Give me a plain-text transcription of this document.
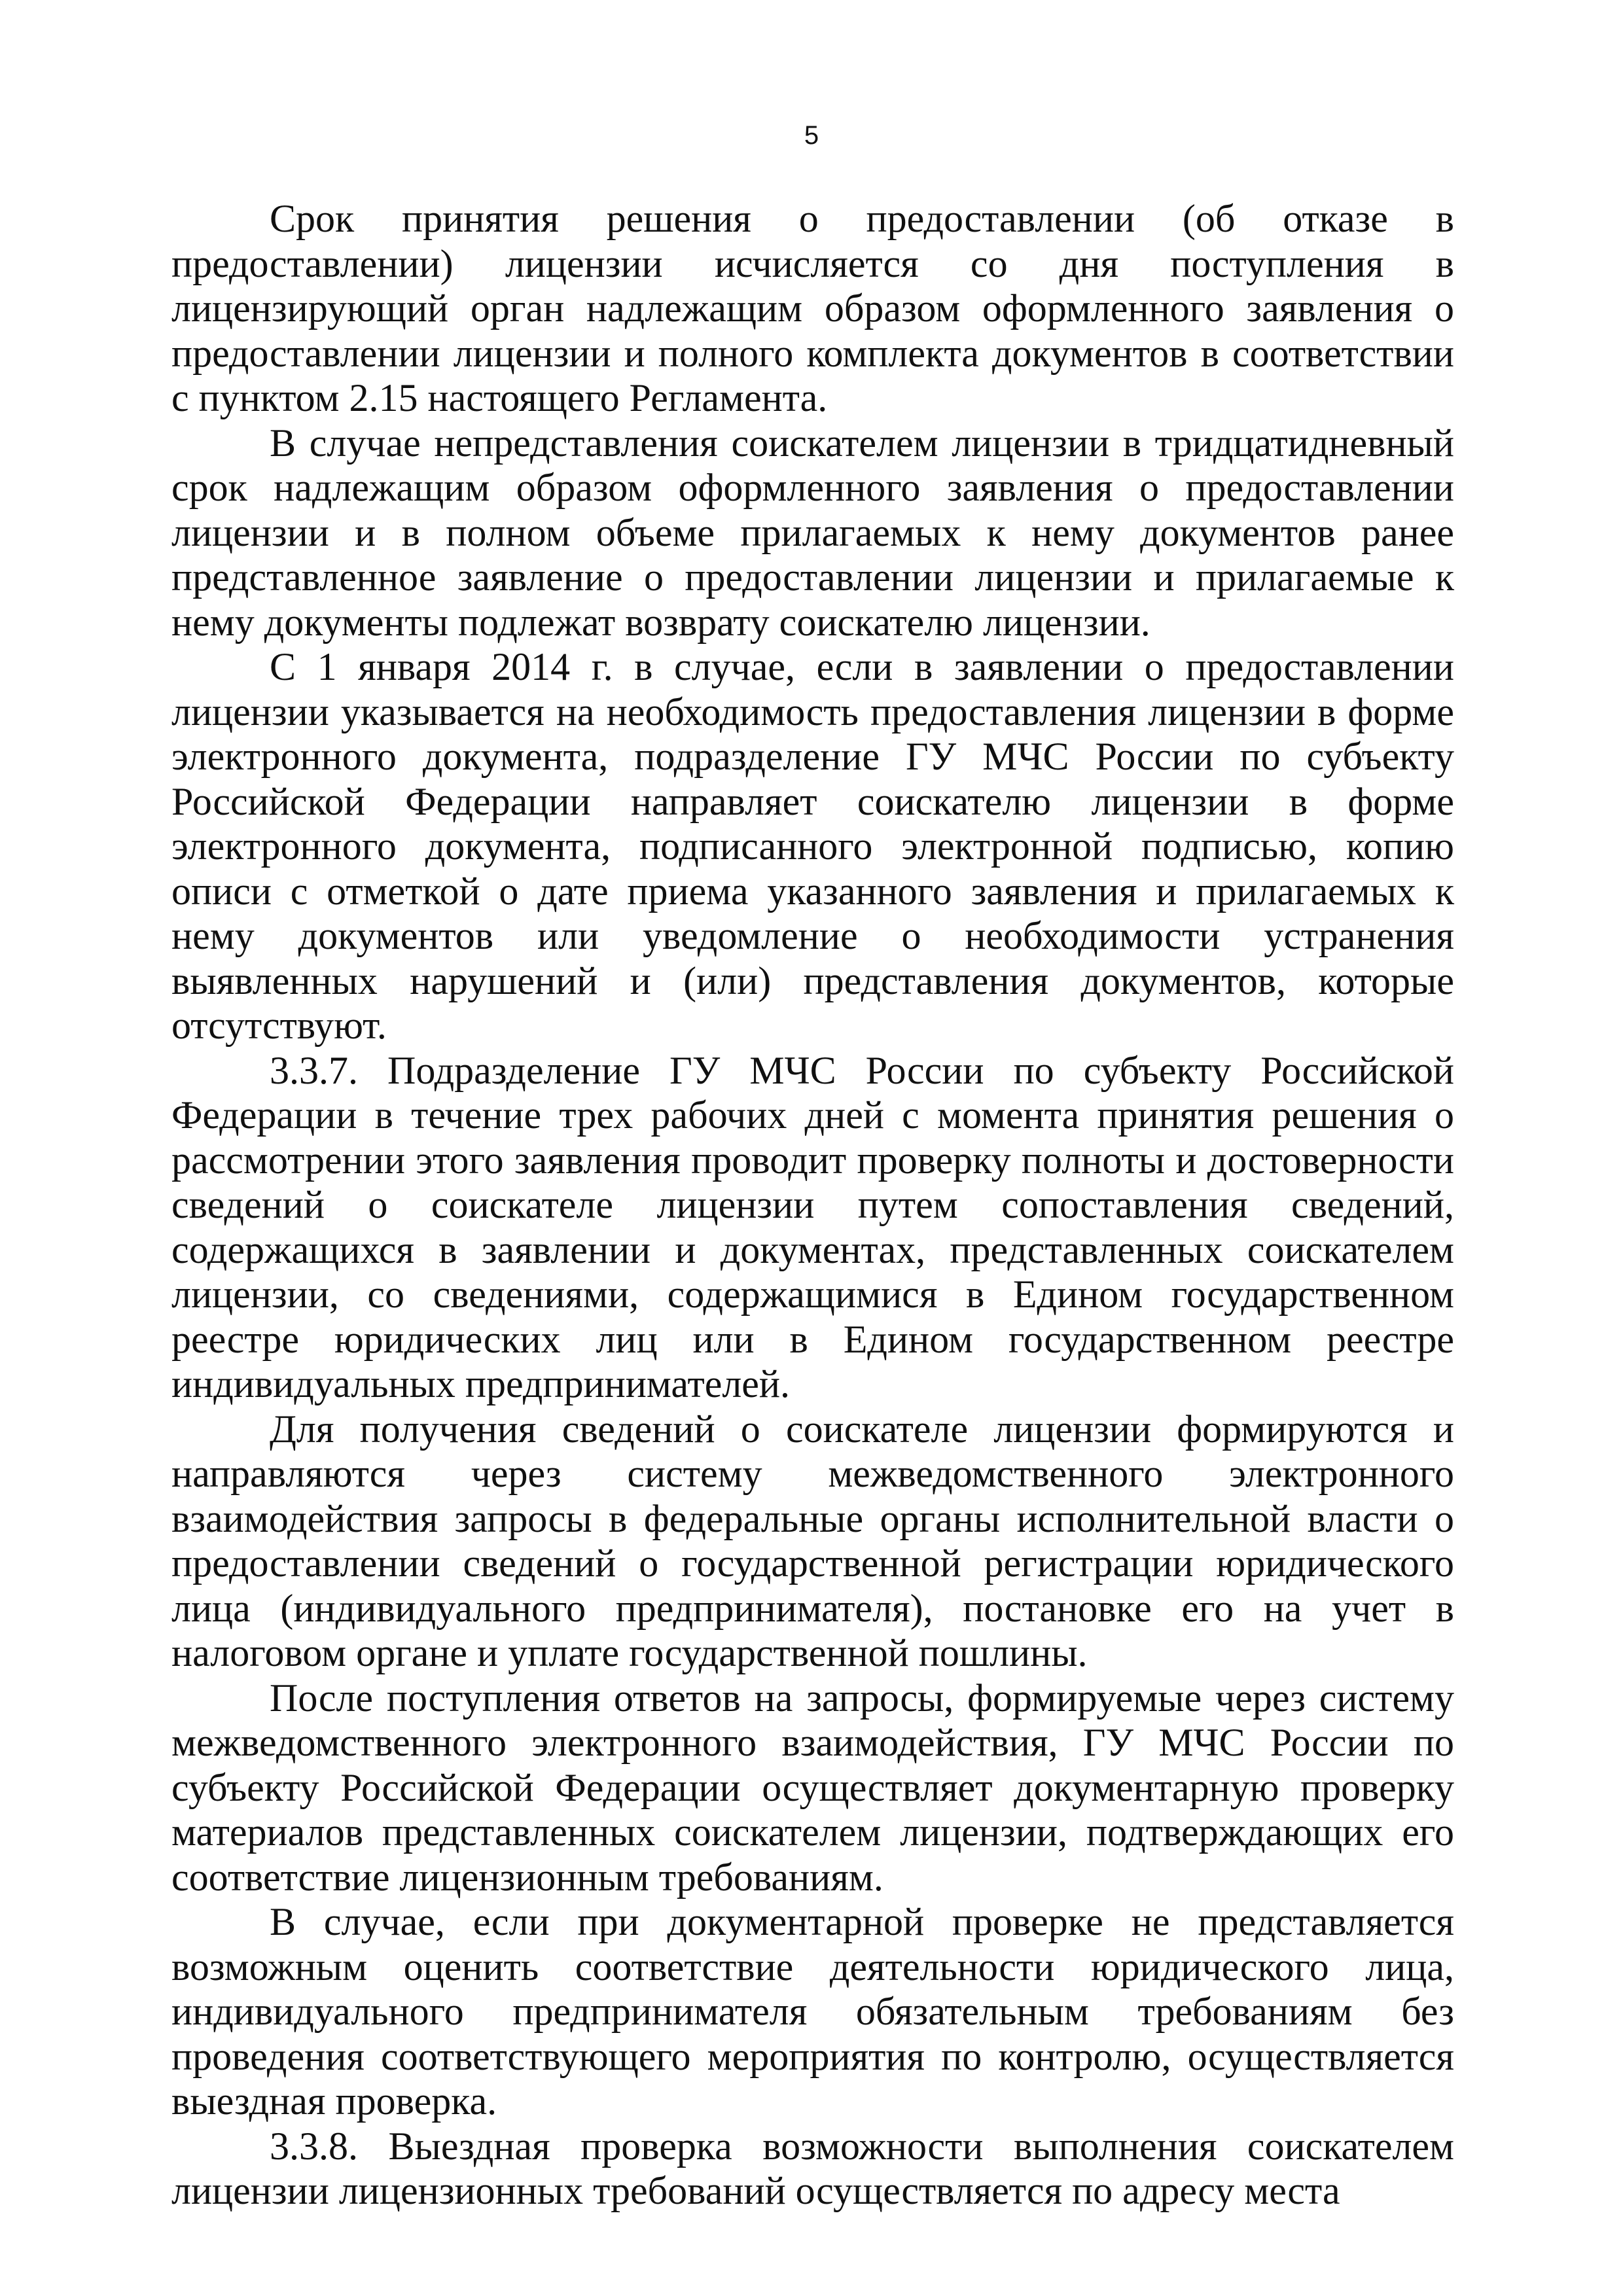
5

Срок принятия решения о предоставлении (об отказе в предоставлении) лицензии исчисляется со дня поступления в лицензирующий орган надлежащим образом оформленного заявления о предоставлении лицензии и полного комплекта документов в соответствии с пунктом 2.15 настоящего Регламента.

В случае непредставления соискателем лицензии в тридцатидневный срок надлежащим образом оформленного заявления о предоставлении лицензии и в полном объеме прилагаемых к нему документов ранее представленное заявление о предоставлении лицензии и прилагаемые к нему документы подлежат возврату соискателю лицензии.

С 1 января 2014 г. в случае, если в заявлении о предоставлении лицензии указывается на необходимость предоставления лицензии в форме электронного документа, подразделение ГУ МЧС России по субъекту Российской Федерации направляет соискателю лицензии в форме электронного документа, подписанного электронной подписью, копию описи с отметкой о дате приема указанного заявления и прилагаемых к нему документов или уведомление о необходимости устранения выявленных нарушений и (или) представления документов, которые отсутствуют.

3.3.7. Подразделение ГУ МЧС России по субъекту Российской Федерации в течение трех рабочих дней с момента принятия решения о рассмотрении этого заявления проводит проверку полноты и достоверности сведений о соискателе лицензии путем сопоставления сведений, содержащихся в заявлении и документах, представленных соискателем лицензии, со сведениями, содержащимися в Едином государственном реестре юридических лиц или в Едином государственном реестре индивидуальных предпринимателей.

Для получения сведений о соискателе лицензии формируются и направляются через систему межведомственного электронного взаимодействия запросы в федеральные органы исполнительной власти о предоставлении сведений о государственной регистрации юридического лица (индивидуального предпринимателя), постановке его на учет в налоговом органе и уплате государственной пошлины.

После поступления ответов на запросы, формируемые через систему межведомственного электронного взаимодействия, ГУ МЧС России по субъекту Российской Федерации осуществляет документарную проверку материалов представленных соискателем лицензии, подтверждающих его соответствие лицензионным требованиям.

В случае, если при документарной проверке не представляется возможным оценить соответствие деятельности юридического лица, индивидуального предпринимателя обязательным требованиям без проведения соответствующего мероприятия по контролю, осуществляется выездная проверка.

3.3.8. Выездная проверка возможности выполнения соискателем лицензии лицензионных требований осуществляется по адресу места
